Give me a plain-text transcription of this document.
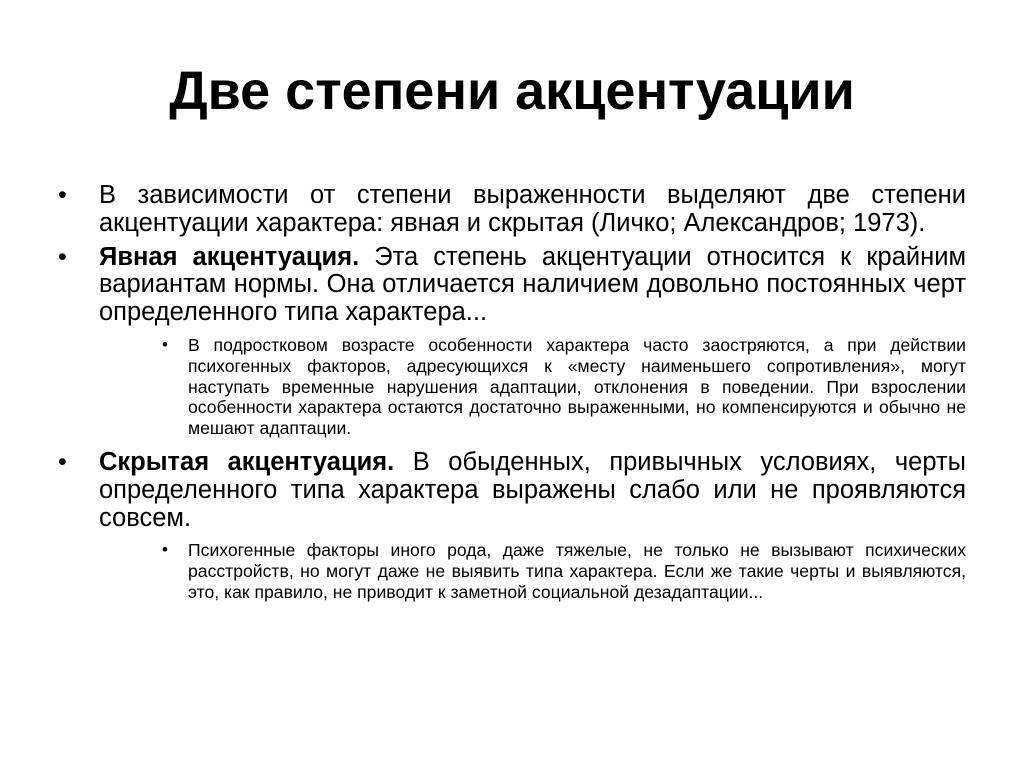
Две степени акцентуации
• В зависимости от степени выраженности выделяют две степени акцентуации характера: явная и скрытая (Личко; Александров; 1973).
• Явная акцентуация. Эта степень акцентуации относится к крайним вариантам нормы. Она отличается наличием довольно постоянных черт определенного типа характера...
• В подростковом возрасте особенности характера часто заостряются, а при действии психогенных факторов, адресующихся к «месту наименьшего сопротивления», могут наступать временные нарушения адаптации, отклонения в поведении. При взрослении особенности характера остаются достаточно выраженными, но компенсируются и обычно не мешают адаптации.
• Скрытая акцентуация. В обыденных, привычных условиях, черты определенного типа характера выражены слабо или не проявляются совсем.
• Психогенные факторы иного рода, даже тяжелые, не только не вызывают психических расстройств, но могут даже не выявить типа характера. Если же такие черты и выявляются, это, как правило, не приводит к заметной социальной дезадаптации...
